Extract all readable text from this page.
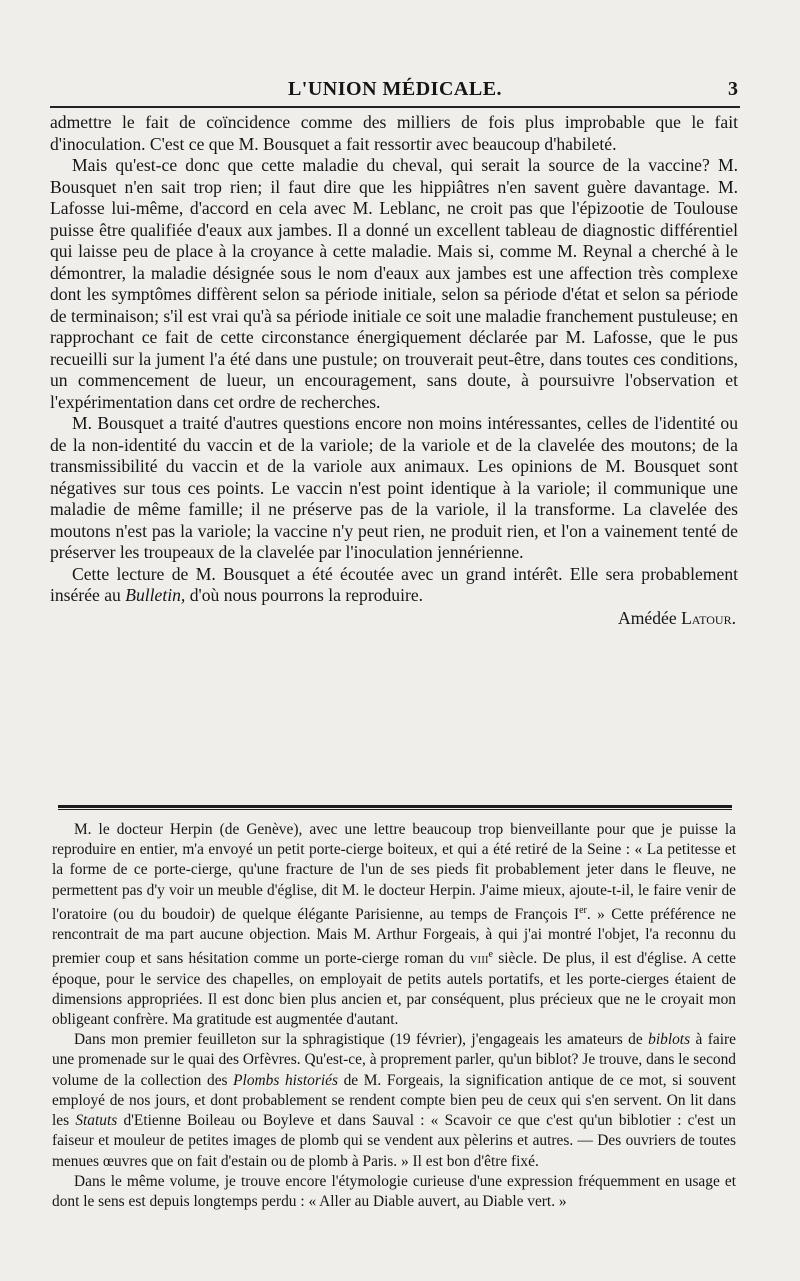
L'UNION MÉDICALE.	3

admettre le fait de coïncidence comme des milliers de fois plus improbable que le fait d'inoculation. C'est ce que M. Bousquet a fait ressortir avec beaucoup d'habileté.

Mais qu'est-ce donc que cette maladie du cheval, qui serait la source de la vaccine? M. Bousquet n'en sait trop rien; il faut dire que les hippiâtres n'en savent guère davantage. M. Lafosse lui-même, d'accord en cela avec M. Leblanc, ne croit pas que l'épizootie de Toulouse puisse être qualifiée d'eaux aux jambes. Il a donné un excellent tableau de diagnostic différentiel qui laisse peu de place à la croyance à cette maladie. Mais si, comme M. Reynal a cherché à le démontrer, la maladie désignée sous le nom d'eaux aux jambes est une affection très complexe dont les symptômes diffèrent selon sa période initiale, selon sa période d'état et selon sa période de terminaison; s'il est vrai qu'à sa période initiale ce soit une maladie franchement pustuleuse; en rapprochant ce fait de cette circonstance énergiquement déclarée par M. Lafosse, que le pus recueilli sur la jument l'a été dans une pustule; on trouverait peut-être, dans toutes ces conditions, un commencement de lueur, un encouragement, sans doute, à poursuivre l'observation et l'expérimentation dans cet ordre de recherches.

M. Bousquet a traité d'autres questions encore non moins intéressantes, celles de l'identité ou de la non-identité du vaccin et de la variole; de la variole et de la clavelée des moutons; de la transmissibilité du vaccin et de la variole aux animaux. Les opinions de M. Bousquet sont négatives sur tous ces points. Le vaccin n'est point identique à la variole; il communique une maladie de même famille; il ne préserve pas de la variole, il la transforme. La clavelée des moutons n'est pas la variole; la vaccine n'y peut rien, ne produit rien, et l'on a vainement tenté de préserver les troupeaux de la clavelée par l'inoculation jennérienne.

Cette lecture de M. Bousquet a été écoutée avec un grand intérêt. Elle sera probablement insérée au Bulletin, d'où nous pourrons la reproduire.

Amédée Latour.

M. le docteur Herpin (de Genève), avec une lettre beaucoup trop bienveillante pour que je puisse la reproduire en entier, m'a envoyé un petit porte-cierge boiteux, et qui a été retiré de la Seine : « La petitesse et la forme de ce porte-cierge, qu'une fracture de l'un de ses pieds fit probablement jeter dans le fleuve, ne permettent pas d'y voir un meuble d'église, dit M. le docteur Herpin. J'aime mieux, ajoute-t-il, le faire venir de l'oratoire (ou du boudoir) de quelque élégante Parisienne, au temps de François Ier. » Cette préférence ne rencontrait de ma part aucune objection. Mais M. Arthur Forgeais, à qui j'ai montré l'objet, l'a reconnu du premier coup et sans hésitation comme un porte-cierge roman du viii$^e$ siècle. De plus, il est d'église. A cette époque, pour le service des chapelles, on employait de petits autels portatifs, et les porte-cierges étaient de dimensions appropriées. Il est donc bien plus ancien et, par conséquent, plus précieux que ne le croyait mon obligeant confrère. Ma gratitude est augmentée d'autant.

Dans mon premier feuilleton sur la sphragistique (19 février), j'engageais les amateurs de biblots à faire une promenade sur le quai des Orfèvres. Qu'est-ce, à proprement parler, qu'un biblot? Je trouve, dans le second volume de la collection des Plombs historiés de M. Forgeais, la signification antique de ce mot, si souvent employé de nos jours, et dont probablement se rendent compte bien peu de ceux qui s'en servent. On lit dans les Statuts d'Etienne Boileau ou Boyleve et dans Sauval : « Scavoir ce que c'est qu'un biblotier : c'est un faiseur et mouleur de petites images de plomb qui se vendent aux pèlerins et autres. — Des ouvriers de toutes menues œuvres que on fait d'estain ou de plomb à Paris. » Il est bon d'être fixé.

Dans le même volume, je trouve encore l'étymologie curieuse d'une expression fréquemment en usage et dont le sens est depuis longtemps perdu : « Aller au Diable auvert, au Diable vert. »
